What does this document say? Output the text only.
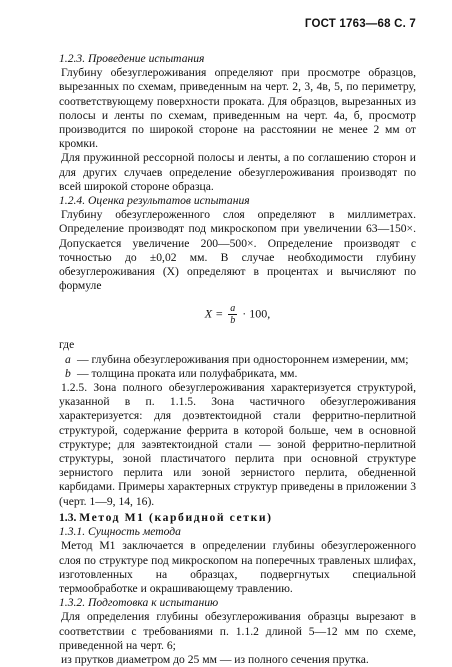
ГОСТ 1763—68 С. 7

1.2.3. Проведение испытания

Глубину обезуглероживания определяют при просмотре образцов, вырезанных по схемам, приведенным на черт. 2, 3, 4в, 5, по периметру, соответствующему поверхности проката. Для образцов, вырезанных из полосы и ленты по схемам, приведенным на черт. 4а, б, просмотр производится по широкой стороне на расстоянии не менее 2 мм от кромки.

Для пружинной рессорной полосы и ленты, а по соглашению сторон и для других случаев определение обезуглероживания производят по всей широкой стороне образца.

1.2.4. Оценка результатов испытания

Глубину обезуглероженного слоя определяют в миллиметрах. Определение производят под микроскопом при увеличении 63—150×. Допускается увеличение 200—500×. Определение производят с точностью до ±0,02 мм. В случае необходимости глубину обезуглероживания (X) определяют в процентах и вычисляют по формуле

$X = \frac{a}{b} \cdot 100$,

где

a — глубина обезуглероживания при одностороннем измерении, мм;
b — толщина проката или полуфабриката, мм.

1.2.5. Зона полного обезуглероживания характеризуется структурой, указанной в п. 1.1.5. Зона частичного обезуглероживания характеризуется: для доэвтектоидной стали ферритно-перлитной структурой, содержание феррита в которой больше, чем в основной структуре; для заэвтектоидной стали — зоной ферритно-перлитной структуры, зоной пластичатого перлита при основной структуре зернистого перлита или зоной зернистого перлита, обедненной карбидами. Примеры характерных структур приведены в приложении 3 (черт. 1—9, 14, 16).

1.3. Метод М1 (карбидной сетки)

1.3.1. Сущность метода

Метод М1 заключается в определении глубины обезуглероженного слоя по структуре под микроскопом на поперечных травленых шлифах, изготовленных на образцах, подвергнутых специальной термообработке и окрашивающему травлению.

1.3.2. Подготовка к испытанию

Для определения глубины обезуглероживания образцы вырезают в соответствии с требованиями п. 1.1.2 длиной 5—12 мм по схеме, приведенной на черт. 6;

из прутков диаметром до 25 мм — из полного сечения прутка.
